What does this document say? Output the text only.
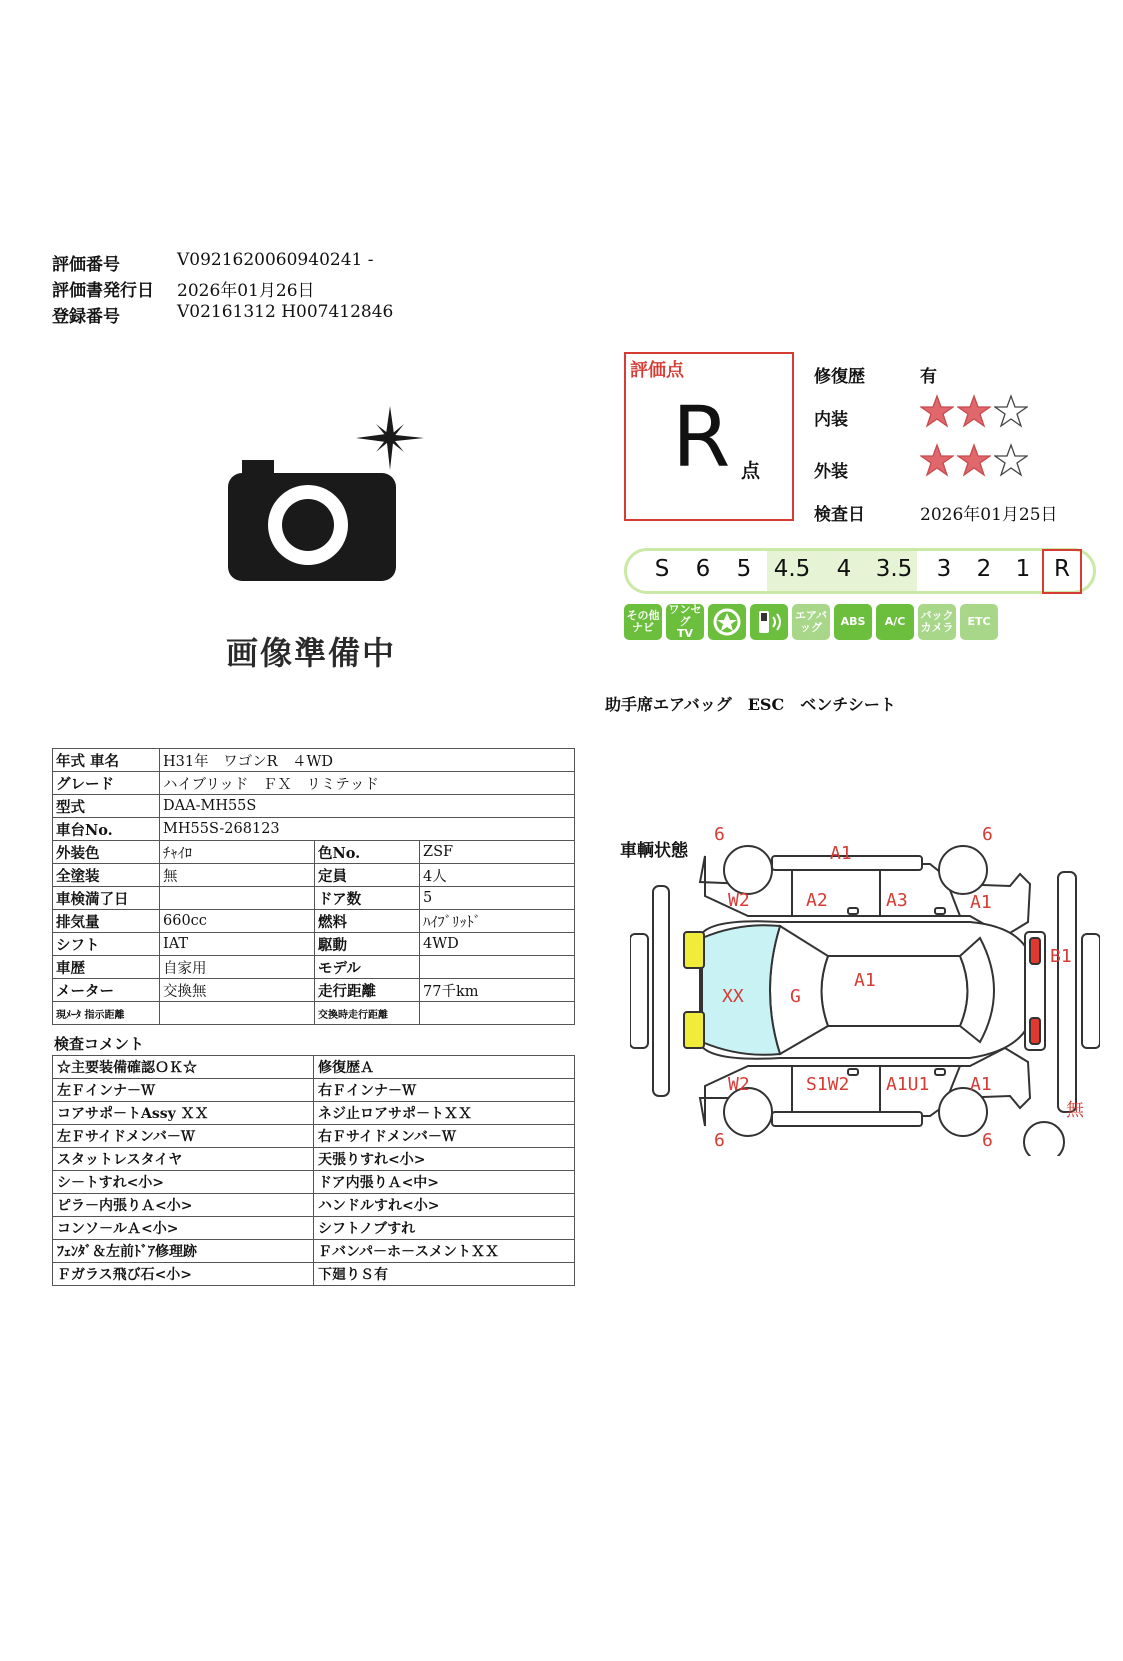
評価番号	V0921620060940241 -
評価書発行日	2026年01月26日
登録番号	V02161312 H007412846
画像準備中
評価点
R 点
修復歴	有
内装
外装
検査日	2026年01月25日
S	6	5 4.5	4	3.5	3	2	1	R
その他
ナビ
ワンセグ
TV
エアバッグ	ABS	A/C	バック
カメラ	ETC
助手席エアバッグ　ESC　ベンチシート
年式 車名	H31年　ワゴンR　４WD		
グレード	ハイブリッド　ＦＸ　リミテッド		
型式	DAA-MH55S		
車台No.	MH55S-268123		
外装色	ﾁｬｲﾛ	色No.	ZSF
全塗装	無	定員	4人
車検満了日		ドア数	5
排気量	660cc	燃料	ﾊｲﾌﾞﾘｯﾄﾞ
シフト	IAT	駆動	4WD
車歴	自家用	モデル	
メーター	交換無	走行距離	77千km
現ﾒｰﾀ 指示距離		交換時走行距離	
検査コメント
☆主要装備確認ＯＫ☆	修復歴Ａ
左Ｆインナ－Ｗ	右Ｆインナ－Ｗ
コアサポ－トAssy ＸＸ	ネジ止ロアサポ－トＸＸ
左Ｆサイドメンバ－Ｗ	右Ｆサイドメンバ－Ｗ
スタットレスタイヤ	天張りすれ<小>
シ－トすれ<小>	ドア内張りＡ<中>
ピラ－内張りＡ<小>	ハンドルすれ<小>
コンソ－ルＡ<小>	シフトノブすれ
ﾌｪﾝﾀﾞ＆左前ﾄﾞｱ修理跡	Ｆバンパ－ホ－スメントＸＸ
Ｆガラス飛び石<小>	下廻りＳ有
車輌状態
6	6
6	6
A1
W2	A2	A3	A1
XX	G
A1
B1
W2	S1W2 A1U1 A1
無
